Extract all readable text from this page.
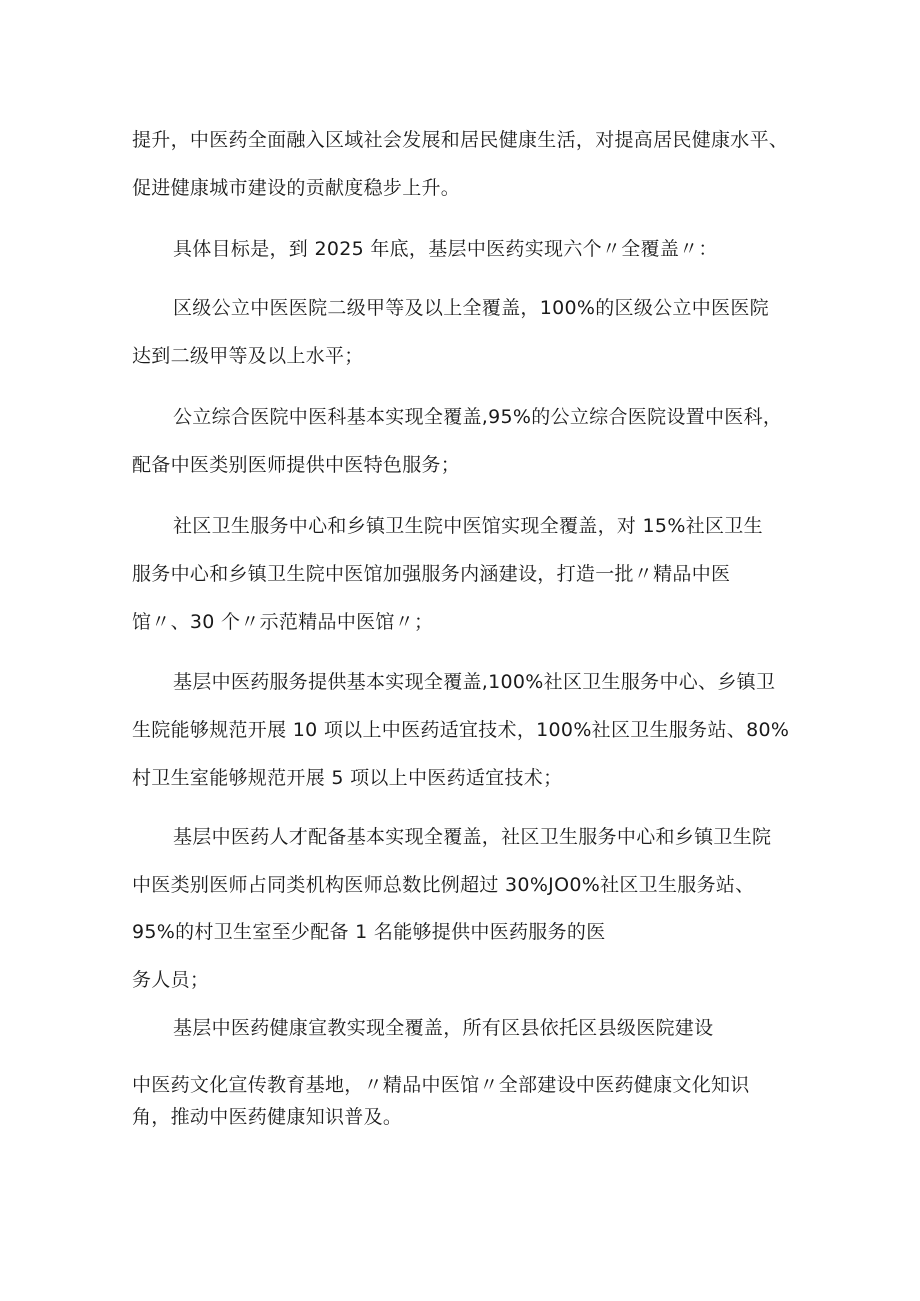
提升，中医药全面融入区域社会发展和居民健康生活，对提高居民健康水平、
促进健康城市建设的贡献度稳步上升。
具体目标是，到 2025 年底，基层中医药实现六个〃全覆盖〃：
区级公立中医医院二级甲等及以上全覆盖，100%的区级公立中医医院
达到二级甲等及以上水平；
公立综合医院中医科基本实现全覆盖,95%的公立综合医院设置中医科，
配备中医类别医师提供中医特色服务；
社区卫生服务中心和乡镇卫生院中医馆实现全覆盖，对 15%社区卫生
服务中心和乡镇卫生院中医馆加强服务内涵建设，打造一批〃精品中医
馆〃、30 个〃示范精品中医馆〃；
基层中医药服务提供基本实现全覆盖,100%社区卫生服务中心、乡镇卫
生院能够规范开展 10 项以上中医药适宜技术，100%社区卫生服务站、80%
村卫生室能够规范开展 5 项以上中医药适宜技术；
基层中医药人才配备基本实现全覆盖，社区卫生服务中心和乡镇卫生院
中医类别医师占同类机构医师总数比例超过 30%JO0%社区卫生服务站、
95%的村卫生室至少配备 1 名能够提供中医药服务的医
务人员；
基层中医药健康宣教实现全覆盖，所有区县依托区县级医院建设
中医药文化宣传教育基地，〃精品中医馆〃全部建设中医药健康文化知识
角，推动中医药健康知识普及。
